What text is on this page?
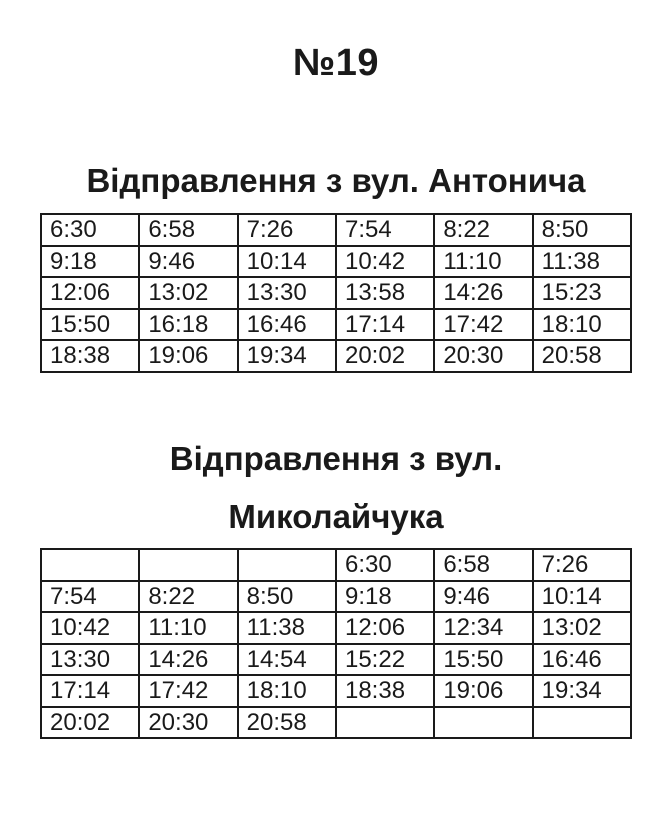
№19
Відправлення з вул. Антонича
6:30	6:58	7:26	7:54	8:22	8:50
9:18	9:46	10:14	10:42	11:10	11:38
12:06	13:02	13:30	13:58	14:26	15:23
15:50	16:18	16:46	17:14	17:42	18:10
18:38	19:06	19:34	20:02	20:30	20:58
Відправлення з вул.
Миколайчука
			6:30	6:58	7:26
7:54	8:22	8:50	9:18	9:46	10:14
10:42	11:10	11:38	12:06	12:34	13:02
13:30	14:26	14:54	15:22	15:50	16:46
17:14	17:42	18:10	18:38	19:06	19:34
20:02	20:30	20:58			
